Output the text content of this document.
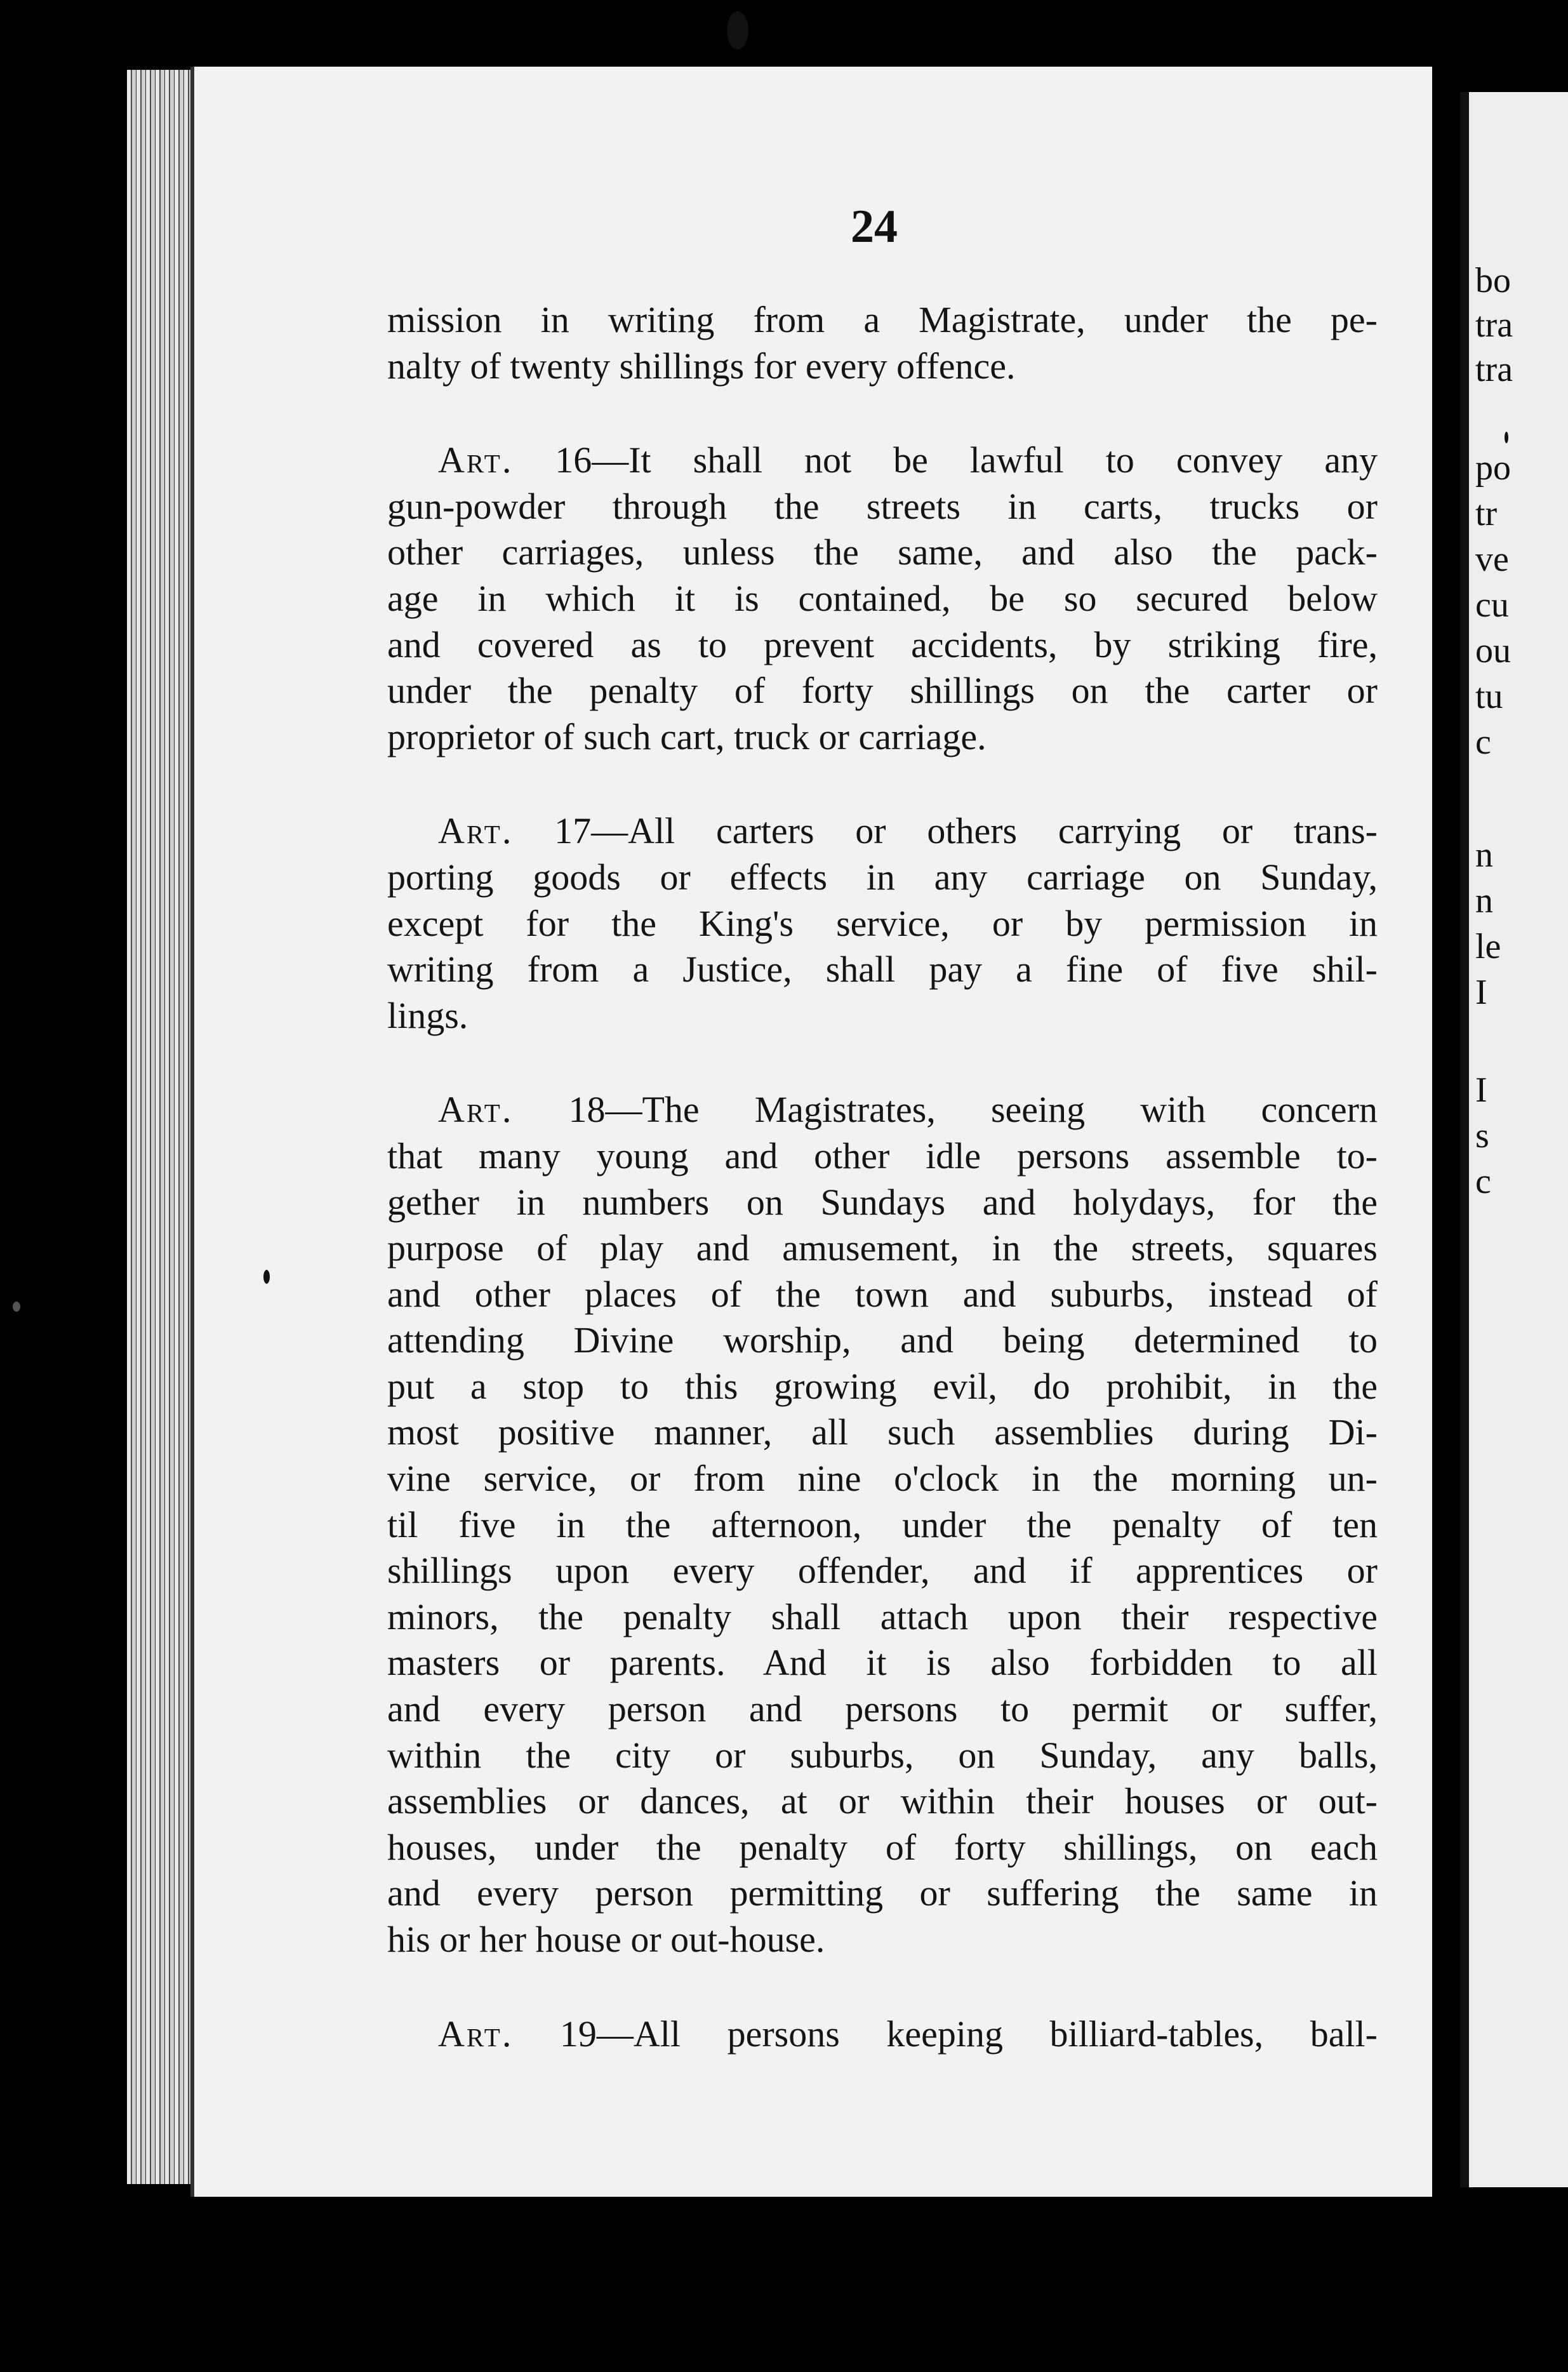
bo
tra
tra
po
tr
ve
cu
ou
tu
c
n
n
le
I
I
s
c
24
mission in writing from a Magistrate, under the pe-
nalty of twenty shillings for every offence.
Art. 16—It shall not be lawful to convey any
gun-powder through the streets in carts, trucks or
other carriages, unless the same, and also the pack-
age in which it is contained, be so secured below
and covered as to prevent accidents, by striking fire,
under the penalty of forty shillings on the carter or
proprietor of such cart, truck or carriage.
Art. 17—All carters or others carrying or trans-
porting goods or effects in any carriage on Sunday,
except for the King's service, or by permission in
writing from a Justice, shall pay a fine of five shil-
lings.
Art. 18—The Magistrates, seeing with concern
that many young and other idle persons assemble to-
gether in numbers on Sundays and holydays, for the
purpose of play and amusement, in the streets, squares
and other places of the town and suburbs, instead of
attending Divine worship, and being determined to
put a stop to this growing evil, do prohibit, in the
most positive manner, all such assemblies during Di-
vine service, or from nine o'clock in the morning un-
til five in the afternoon, under the penalty of ten
shillings upon every offender, and if apprentices or
minors, the penalty shall attach upon their respective
masters or parents. And it is also forbidden to all
and every person and persons to permit or suffer,
within the city or suburbs, on Sunday, any balls,
assemblies or dances, at or within their houses or out-
houses, under the penalty of forty shillings, on each
and every person permitting or suffering the same in
his or her house or out-house.
Art. 19—All persons keeping billiard-tables, ball-
